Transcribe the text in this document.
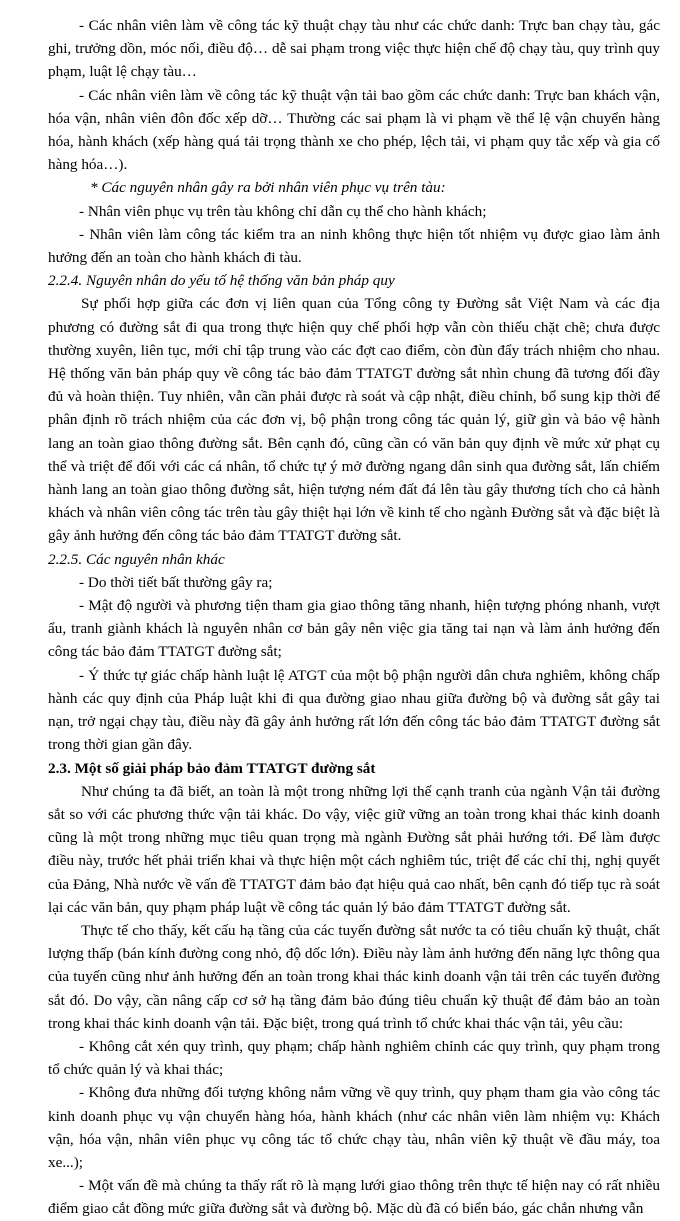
- Các nhân viên làm về công tác kỹ thuật chạy tàu như các chức danh: Trực ban chạy tàu, gác ghi, trưởng dồn, móc nối, điều độ… dễ sai phạm trong việc thực hiện chế độ chạy tàu, quy trình quy phạm, luật lệ chạy tàu…

- Các nhân viên làm về công tác kỹ thuật vận tải bao gồm các chức danh: Trực ban khách vận, hóa vận, nhân viên đôn đốc xếp dỡ… Thường các sai phạm là vi phạm về thể lệ vận chuyển hàng hóa, hành khách (xếp hàng quá tải trọng thành xe cho phép, lệch tải, vi phạm quy tắc xếp và gia cố hàng hóa…).

* Các nguyên nhân gây ra bởi nhân viên phục vụ trên tàu:

- Nhân viên phục vụ trên tàu không chỉ dẫn cụ thể cho hành khách;

- Nhân viên làm công tác kiểm tra an ninh không thực hiện tốt nhiệm vụ được giao làm ảnh hưởng đến an toàn cho hành khách đi tàu.

2.2.4. Nguyên nhân do yếu tố hệ thống văn bản pháp quy

Sự phối hợp giữa các đơn vị liên quan của Tổng công ty Đường sắt Việt Nam và các địa phương có đường sắt đi qua trong thực hiện quy chế phối hợp vẫn còn thiếu chặt chẽ; chưa được thường xuyên, liên tục, mới chỉ tập trung vào các đợt cao điểm, còn đùn đẩy trách nhiệm cho nhau. Hệ thống văn bản pháp quy về công tác bảo đảm TTATGT đường sắt nhìn chung đã tương đối đầy đủ và hoàn thiện. Tuy nhiên, vẫn cần phải được rà soát và cập nhật, điều chỉnh, bổ sung kịp thời để phân định rõ trách nhiệm của các đơn vị, bộ phận trong công tác quản lý, giữ gìn và bảo vệ hành lang an toàn giao thông đường sắt. Bên cạnh đó, cũng cần có văn bản quy định về mức xử phạt cụ thể và triệt để đối với các cá nhân, tổ chức tự ý mở đường ngang dân sinh qua đường sắt, lấn chiếm hành lang an toàn giao thông đường sắt, hiện tượng ném đất đá lên tàu gây thương tích cho cả hành khách và nhân viên công tác trên tàu gây thiệt hại lớn về kinh tế cho ngành Đường sắt và đặc biệt là gây ảnh hưởng đến công tác bảo đảm TTATGT đường sắt.

2.2.5. Các nguyên nhân khác

- Do thời tiết bất thường gây ra;

- Mật độ người và phương tiện tham gia giao thông tăng nhanh, hiện tượng phóng nhanh, vượt ẩu, tranh giành khách là nguyên nhân cơ bản gây nên việc gia tăng tai nạn và làm ảnh hưởng đến công tác bảo đảm TTATGT đường sắt;

- Ý thức tự giác chấp hành luật lệ ATGT của một bộ phận người dân chưa nghiêm, không chấp hành các quy định của Pháp luật khi đi qua đường giao nhau giữa đường bộ và đường sắt gây tai nạn, trở ngại chạy tàu, điều này đã gây ảnh hưởng rất lớn đến công tác bảo đảm TTATGT đường sắt trong thời gian gần đây.

2.3. Một số giải pháp bảo đảm TTATGT đường sắt

Như chúng ta đã biết, an toàn là một trong những lợi thế cạnh tranh của ngành Vận tải đường sắt so với các phương thức vận tải khác. Do vậy, việc giữ vững an toàn trong khai thác kinh doanh cũng là một trong những mục tiêu quan trọng mà ngành Đường sắt phải hướng tới. Để làm được điều này, trước hết phải triển khai và thực hiện một cách nghiêm túc, triệt để các chỉ thị, nghị quyết của Đảng, Nhà nước về vấn đề TTATGT đảm bảo đạt hiệu quả cao nhất, bên cạnh đó tiếp tục rà soát lại các văn bản, quy phạm pháp luật về công tác quản lý bảo đảm TTATGT đường sắt.

Thực tế cho thấy, kết cấu hạ tầng của các tuyến đường sắt nước ta có tiêu chuẩn kỹ thuật, chất lượng thấp (bán kính đường cong nhỏ, độ dốc lớn). Điều này làm ảnh hưởng đến năng lực thông qua của tuyến cũng như ảnh hưởng đến an toàn trong khai thác kinh doanh vận tải trên các tuyến đường sắt đó. Do vậy, cần nâng cấp cơ sở hạ tầng đảm bảo đúng tiêu chuẩn kỹ thuật để đảm bảo an toàn trong khai thác kinh doanh vận tải. Đặc biệt, trong quá trình tổ chức khai thác vận tải, yêu cầu:

- Không cắt xén quy trình, quy phạm; chấp hành nghiêm chỉnh các quy trình, quy phạm trong tổ chức quản lý và khai thác;

- Không đưa những đối tượng không nắm vững về quy trình, quy phạm tham gia vào công tác kinh doanh phục vụ vận chuyển hàng hóa, hành khách (như các nhân viên làm nhiệm vụ: Khách vận, hóa vận, nhân viên phục vụ công tác tổ chức chạy tàu, nhân viên kỹ thuật về đầu máy, toa xe...);

- Một vấn đề mà chúng ta thấy rất rõ là mạng lưới giao thông trên thực tế hiện nay có rất nhiều điểm giao cắt đồng mức giữa đường sắt và đường bộ. Mặc dù đã có biển báo, gác chắn nhưng vẫn
